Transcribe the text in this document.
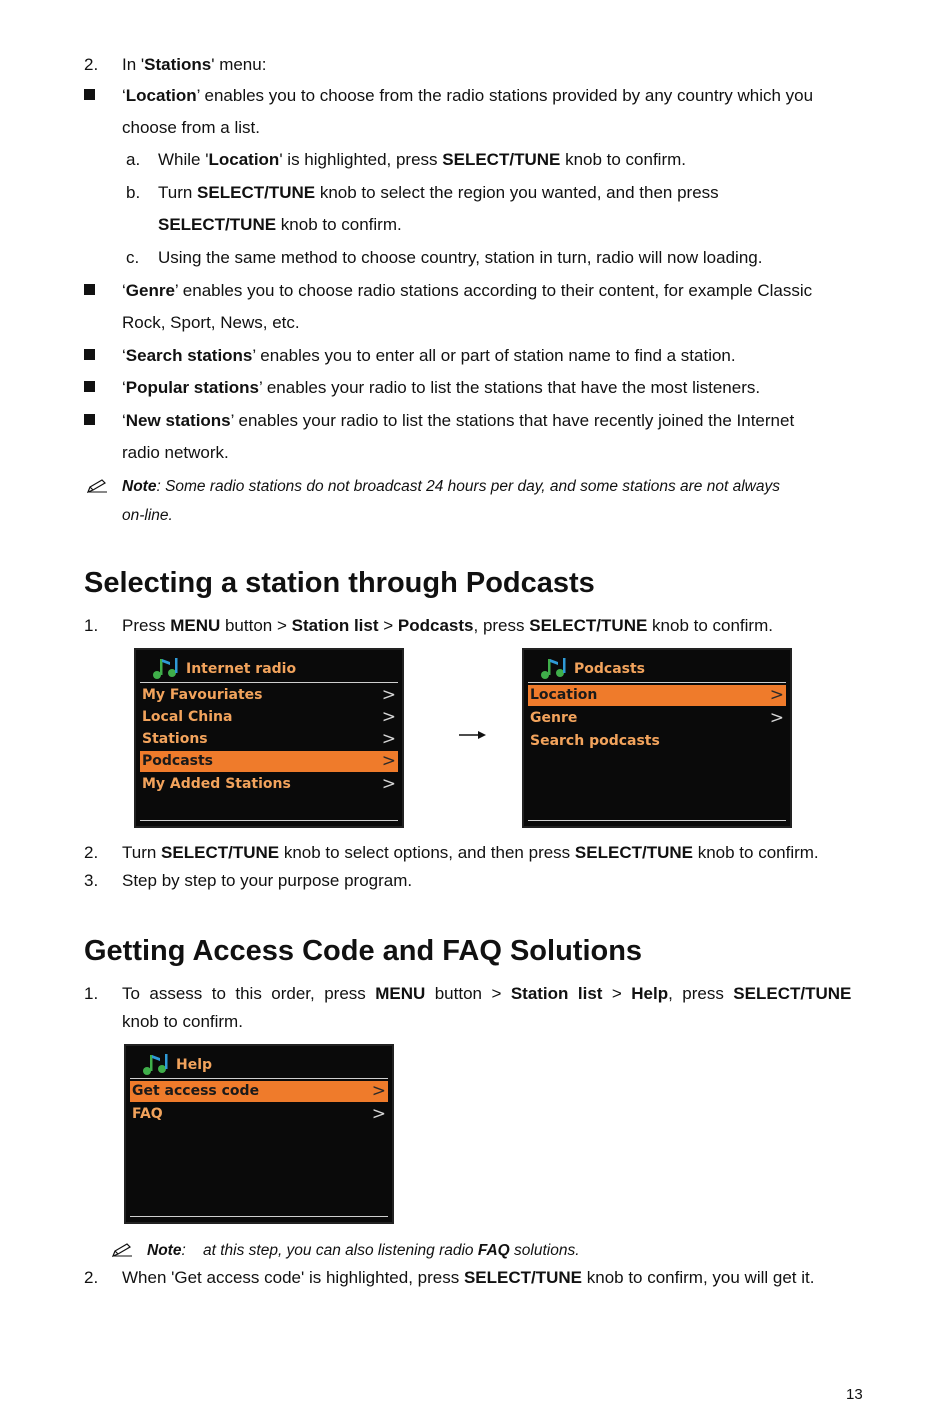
2. In 'Stations' menu:
‘Location’ enables you to choose from the radio stations provided by any country which you
choose from a list.
a. While 'Location' is highlighted, press SELECT/TUNE knob to confirm.
b. Turn SELECT/TUNE knob to select the region you wanted, and then press
SELECT/TUNE knob to confirm.
c. Using the same method to choose country, station in turn, radio will now loading.
‘Genre’ enables you to choose radio stations according to their content, for example Classic
Rock, Sport, News, etc.
‘Search stations’ enables you to enter all or part of station name to find a station.
‘Popular stations’ enables your radio to list the stations that have the most listeners.
‘New stations’ enables your radio to list the stations that have recently joined the Internet
radio network.
Note: Some radio stations do not broadcast 24 hours per day, and some stations are not always
on-line.
Selecting a station through Podcasts
1. Press MENU button > Station list > Podcasts, press SELECT/TUNE knob to confirm.
Internet radio
My Favouriates	>
Local China	>
Stations	>
Podcasts	>
My Added Stations	>
Podcasts
Location	>
Genre	>
Search podcasts
2. Turn SELECT/TUNE knob to select options, and then press SELECT/TUNE knob to confirm.
3. Step by step to your purpose program.
Getting Access Code and FAQ Solutions
1. To  assess  to  this  order,  press  MENU  button  >  Station  list  >  Help,  press  SELECT/TUNE
knob to confirm.
Help
Get access code	>
FAQ	>
Note:    at this step, you can also listening radio FAQ solutions.
2. When 'Get access code' is highlighted, press SELECT/TUNE knob to confirm, you will get it.
13
